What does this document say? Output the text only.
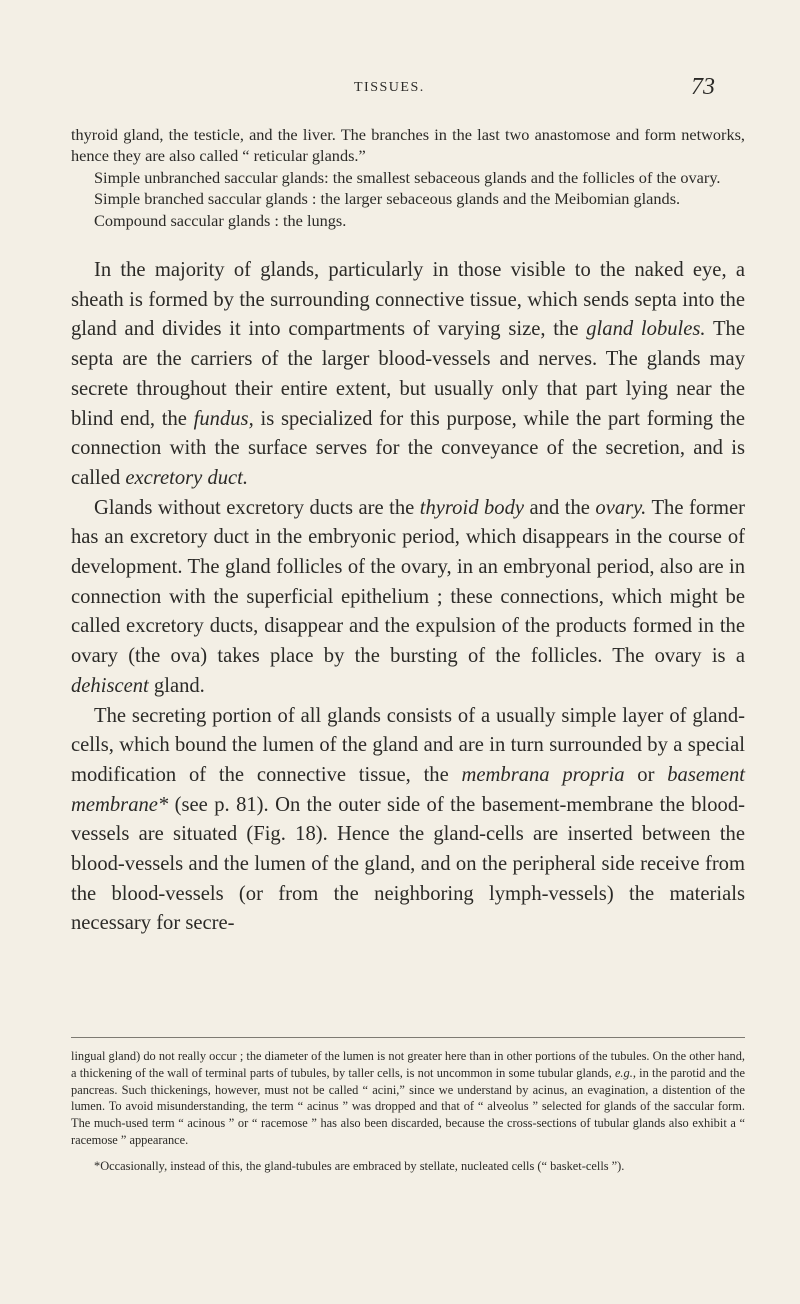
TISSUES.	73

thyroid gland, the testicle, and the liver. The branches in the last two anastomose and form networks, hence they are also called “ reticular glands.”

Simple unbranched saccular glands: the smallest sebaceous glands and the follicles of the ovary.

Simple branched saccular glands : the larger sebaceous glands and the Meibomian glands.

Compound saccular glands : the lungs.

In the majority of glands, particularly in those visible to the naked eye, a sheath is formed by the surrounding connective tissue, which sends septa into the gland and divides it into compartments of varying size, the gland lobules. The septa are the carriers of the larger blood-vessels and nerves. The glands may secrete throughout their entire extent, but usually only that part lying near the blind end, the fundus, is specialized for this purpose, while the part forming the connection with the surface serves for the conveyance of the secretion, and is called excretory duct.

Glands without excretory ducts are the thyroid body and the ovary. The former has an excretory duct in the embryonic period, which disappears in the course of development. The gland follicles of the ovary, in an embryonal period, also are in connection with the superficial epithelium ; these connections, which might be called excretory ducts, disappear and the expulsion of the products formed in the ovary (the ova) takes place by the bursting of the follicles. The ovary is a dehiscent gland.

The secreting portion of all glands consists of a usually simple layer of gland-cells, which bound the lumen of the gland and are in turn surrounded by a special modification of the connective tissue, the membrana propria or basement membrane* (see p. 81). On the outer side of the basement-membrane the blood-vessels are situated (Fig. 18). Hence the gland-cells are inserted between the blood-vessels and the lumen of the gland, and on the peripheral side receive from the blood-vessels (or from the neighboring lymph-vessels) the materials necessary for secre-

lingual gland) do not really occur ; the diameter of the lumen is not greater here than in other portions of the tubules. On the other hand, a thickening of the wall of terminal parts of tubules, by taller cells, is not uncommon in some tubular glands, e.g., in the parotid and the pancreas. Such thickenings, however, must not be called “ acini,” since we understand by acinus, an evagination, a distention of the lumen. To avoid misunderstanding, the term “ acinus ” was dropped and that of “ alveolus ” selected for glands of the saccular form. The much-used term “ acinous ” or “ racemose ” has also been discarded, because the cross-sections of tubular glands also exhibit a “ racemose ” appearance.

*Occasionally, instead of this, the gland-tubules are embraced by stellate, nucleated cells (“ basket-cells ”).
